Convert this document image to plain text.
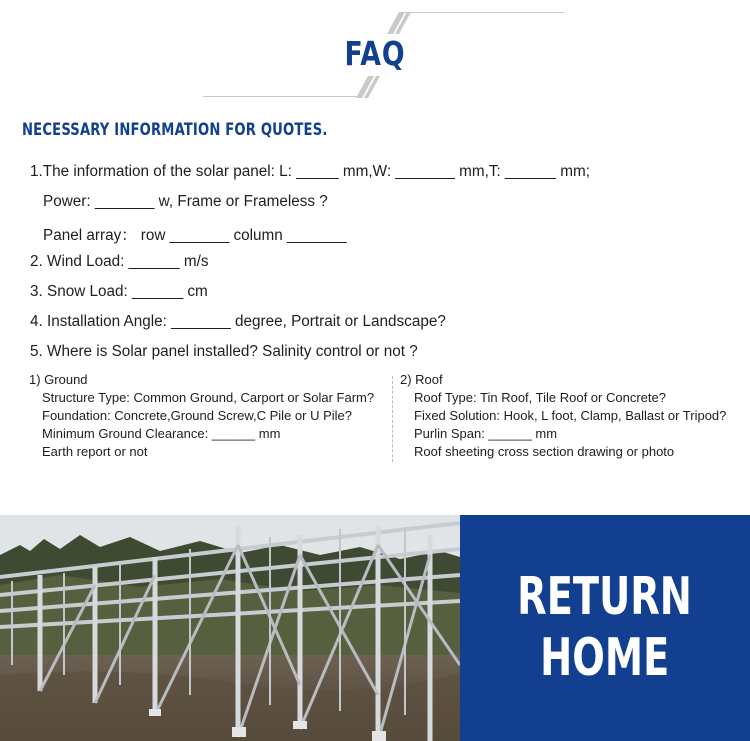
FAQ
NECESSARY INFORMATION FOR QUOTES.
1.The information of the solar panel: L: _____ mm,W: _______ mm,T: ______ mm;
Power: _______ w, Frame or Frameless ?
Panel array： row _______ column _______
2. Wind Load: ______ m/s
3. Snow Load: ______ cm
4. Installation Angle: _______ degree, Portrait or Landscape?
5. Where is Solar panel installed? Salinity control or not ?
1) Ground
Structure Type: Common Ground, Carport or Solar Farm?
Foundation: Concrete,Ground Screw,C Pile or U Pile?
Minimum Ground Clearance: ______ mm
Earth report or not
2) Roof
Roof Type: Tin Roof, Tile Roof or Concrete?
Fixed Solution: Hook, L foot, Clamp, Ballast or Tripod?
Purlin Span: ______ mm
Roof sheeting cross section drawing or photo
RETURN
HOME
